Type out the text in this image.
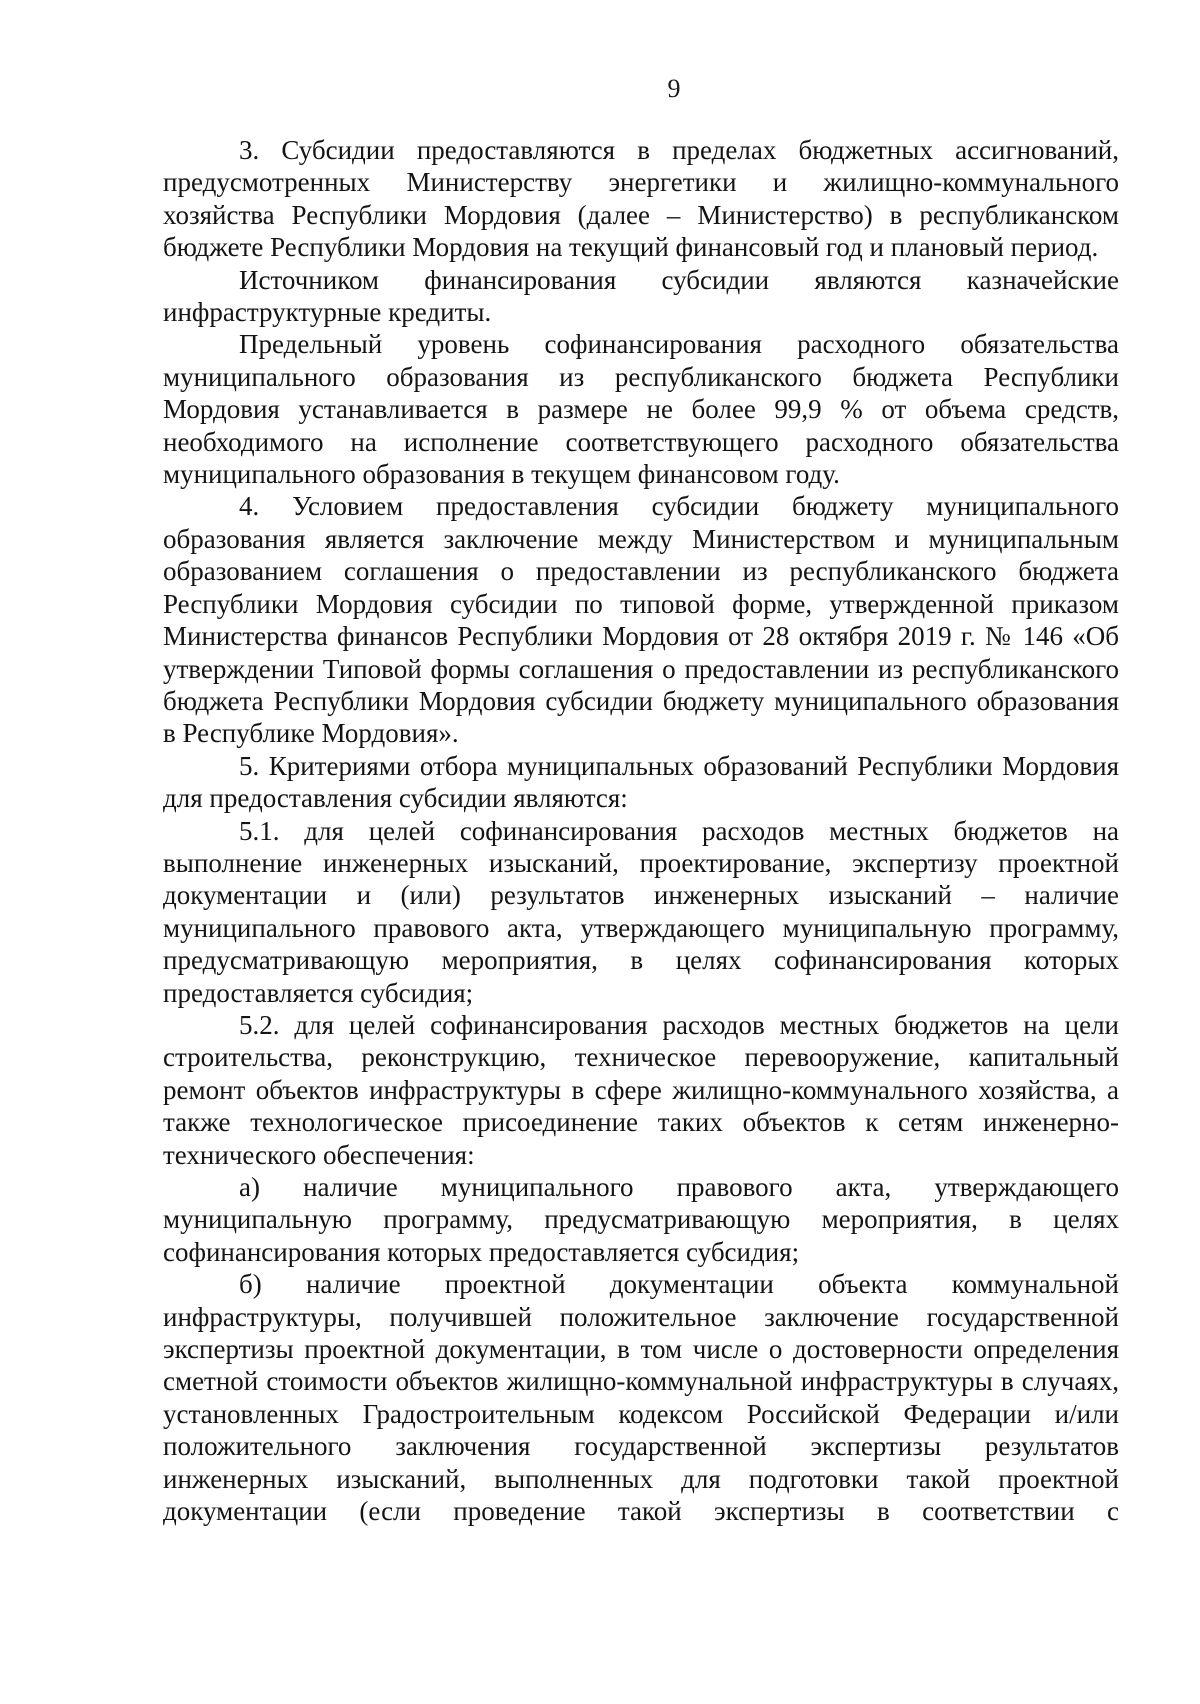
9

3. Субсидии предоставляются в пределах бюджетных ассигнований, предусмотренных Министерству энергетики и жилищно-коммунального хозяйства Республики Мордовия (далее – Министерство) в республиканском бюджете Республики Мордовия на текущий финансовый год и плановый период.

Источником финансирования субсидии являются казначейские инфраструктурные кредиты.

Предельный уровень софинансирования расходного обязательства муниципального образования из республиканского бюджета Республики Мордовия устанавливается в размере не более 99,9 % от объема средств, необходимого на исполнение соответствующего расходного обязательства муниципального образования в текущем финансовом году.

4. Условием предоставления субсидии бюджету муниципального образования является заключение между Министерством и муниципальным образованием соглашения о предоставлении из республиканского бюджета Республики Мордовия субсидии по типовой форме, утвержденной приказом Министерства финансов Республики Мордовия от 28 октября 2019 г. № 146 «Об утверждении Типовой формы соглашения о предоставлении из республиканского бюджета Республики Мордовия субсидии бюджету муниципального образования в Республике Мордовия».

5. Критериями отбора муниципальных образований Республики Мордовия для предоставления субсидии являются:

5.1. для целей софинансирования расходов местных бюджетов на выполнение инженерных изысканий, проектирование, экспертизу проектной документации и (или) результатов инженерных изысканий – наличие муниципального правового акта, утверждающего муниципальную программу, предусматривающую мероприятия, в целях софинансирования которых предоставляется субсидия;

5.2. для целей софинансирования расходов местных бюджетов на цели строительства, реконструкцию, техническое перевооружение, капитальный ремонт объектов инфраструктуры в сфере жилищно-коммунального хозяйства, а также технологическое присоединение таких объектов к сетям инженерно-технического обеспечения:

а) наличие муниципального правового акта, утверждающего муниципальную программу, предусматривающую мероприятия, в целях софинансирования которых предоставляется субсидия;

б) наличие проектной документации объекта коммунальной инфраструктуры, получившей положительное заключение государственной экспертизы проектной документации, в том числе о достоверности определения сметной стоимости объектов жилищно-коммунальной инфраструктуры в случаях, установленных Градостроительным кодексом Российской Федерации и/или положительного заключения государственной экспертизы результатов инженерных изысканий, выполненных для подготовки такой проектной документации (если проведение такой экспертизы в соответствии с
